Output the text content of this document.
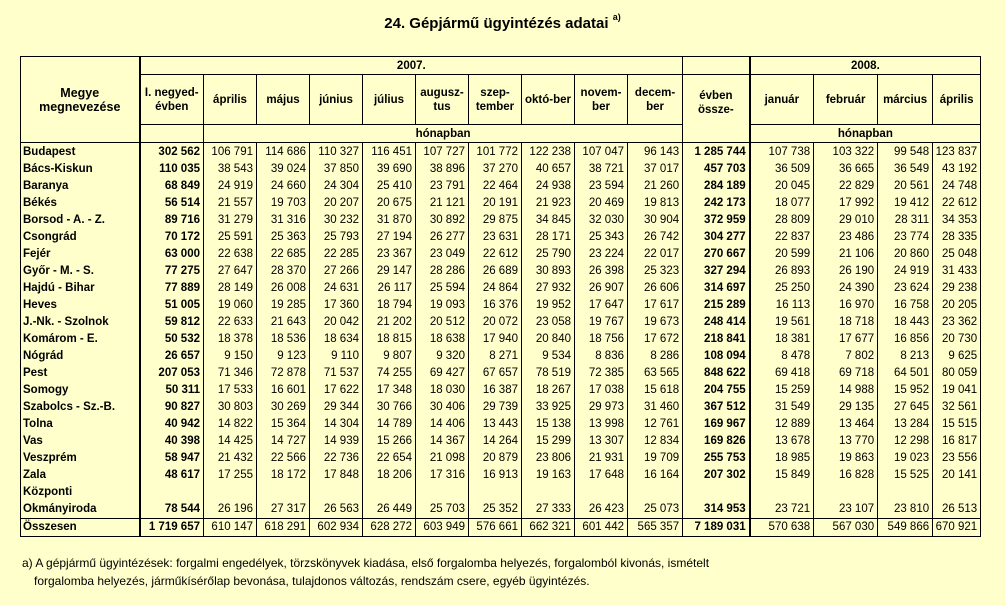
24. Gépjármű ügyintézés adatai $^{a)}$
Megye megnevezése	2007.											2008.			
	I. negyed-évben	április	május	június	július	augusz-tus	szep-tember	októ-ber	novem-ber	decem-ber	évben össze-	január	február	március	április
		hónapban										hónapban			
Budapest	302 562	106 791	114 686	110 327	116 451	107 727	101 772	122 238	107 047	96 143	1 285 744	107 738	103 322	99 548	123 837
Bács-Kiskun	110 035	38 543	39 024	37 850	39 690	38 896	37 270	40 657	38 721	37 017	457 703	36 509	36 665	36 549	43 192
Baranya	68 849	24 919	24 660	24 304	25 410	23 791	22 464	24 938	23 594	21 260	284 189	20 045	22 829	20 561	24 748
Békés	56 514	21 557	19 703	20 207	20 675	21 121	20 191	21 923	20 469	19 813	242 173	18 077	17 992	19 412	22 612
Borsod - A. - Z.	89 716	31 279	31 316	30 232	31 870	30 892	29 875	34 845	32 030	30 904	372 959	28 809	29 010	28 311	34 353
Csongrád	70 172	25 591	25 363	25 793	27 194	26 277	23 631	28 171	25 343	26 742	304 277	22 837	23 486	23 774	28 335
Fejér	63 000	22 638	22 685	22 285	23 367	23 049	22 612	25 790	23 224	22 017	270 667	20 599	21 106	20 860	25 048
Győr - M. - S.	77 275	27 647	28 370	27 266	29 147	28 286	26 689	30 893	26 398	25 323	327 294	26 893	26 190	24 919	31 433
Hajdú - Bihar	77 889	28 149	26 008	24 631	26 117	25 594	24 864	27 932	26 907	26 606	314 697	25 250	24 390	23 624	29 238
Heves	51 005	19 060	19 285	17 360	18 794	19 093	16 376	19 952	17 647	17 617	215 289	16 113	16 970	16 758	20 205
J.-Nk. - Szolnok	59 812	22 633	21 643	20 042	21 202	20 512	20 072	23 058	19 767	19 673	248 414	19 561	18 718	18 443	23 362
Komárom - E.	50 532	18 378	18 536	18 634	18 815	18 638	17 940	20 840	18 756	17 672	218 841	18 381	17 677	16 856	20 730
Nógrád	26 657	9 150	9 123	9 110	9 807	9 320	8 271	9 534	8 836	8 286	108 094	8 478	7 802	8 213	9 625
Pest	207 053	71 346	72 878	71 537	74 255	69 427	67 657	78 519	72 385	63 565	848 622	69 418	69 718	64 501	80 059
Somogy	50 311	17 533	16 601	17 622	17 348	18 030	16 387	18 267	17 038	15 618	204 755	15 259	14 988	15 952	19 041
Szabolcs - Sz.-B.	90 827	30 803	30 269	29 344	30 766	30 406	29 739	33 925	29 973	31 460	367 512	31 549	29 135	27 645	32 561
Tolna	40 942	14 822	15 364	14 304	14 789	14 406	13 443	15 138	13 998	12 761	169 967	12 889	13 464	13 284	15 515
Vas	40 398	14 425	14 727	14 939	15 266	14 367	14 264	15 299	13 307	12 834	169 826	13 678	13 770	12 298	16 817
Veszprém	58 947	21 432	22 566	22 736	22 654	21 098	20 879	23 806	21 931	19 709	255 753	18 985	19 863	19 023	23 556
Zala	48 617	17 255	18 172	17 848	18 206	17 316	16 913	19 163	17 648	16 164	207 302	15 849	16 828	15 525	20 141
Központi															
Okmányiroda	78 544	26 196	27 317	26 563	26 449	25 703	25 352	27 333	26 423	25 073	314 953	23 721	23 107	23 810	26 513
Összesen	1 719 657	610 147	618 291	602 934	628 272	603 949	576 661	662 321	601 442	565 357	7 189 031	570 638	567 030	549 866	670 921
a) A gépjármű ügyintézések: forgalmi engedélyek, törzskönyvek kiadása, első forgalomba helyezés, forgalomból kivonás, ismételt
forgalomba helyezés, járműkísérőlap bevonása, tulajdonos változás, rendszám csere, egyéb ügyintézés.
